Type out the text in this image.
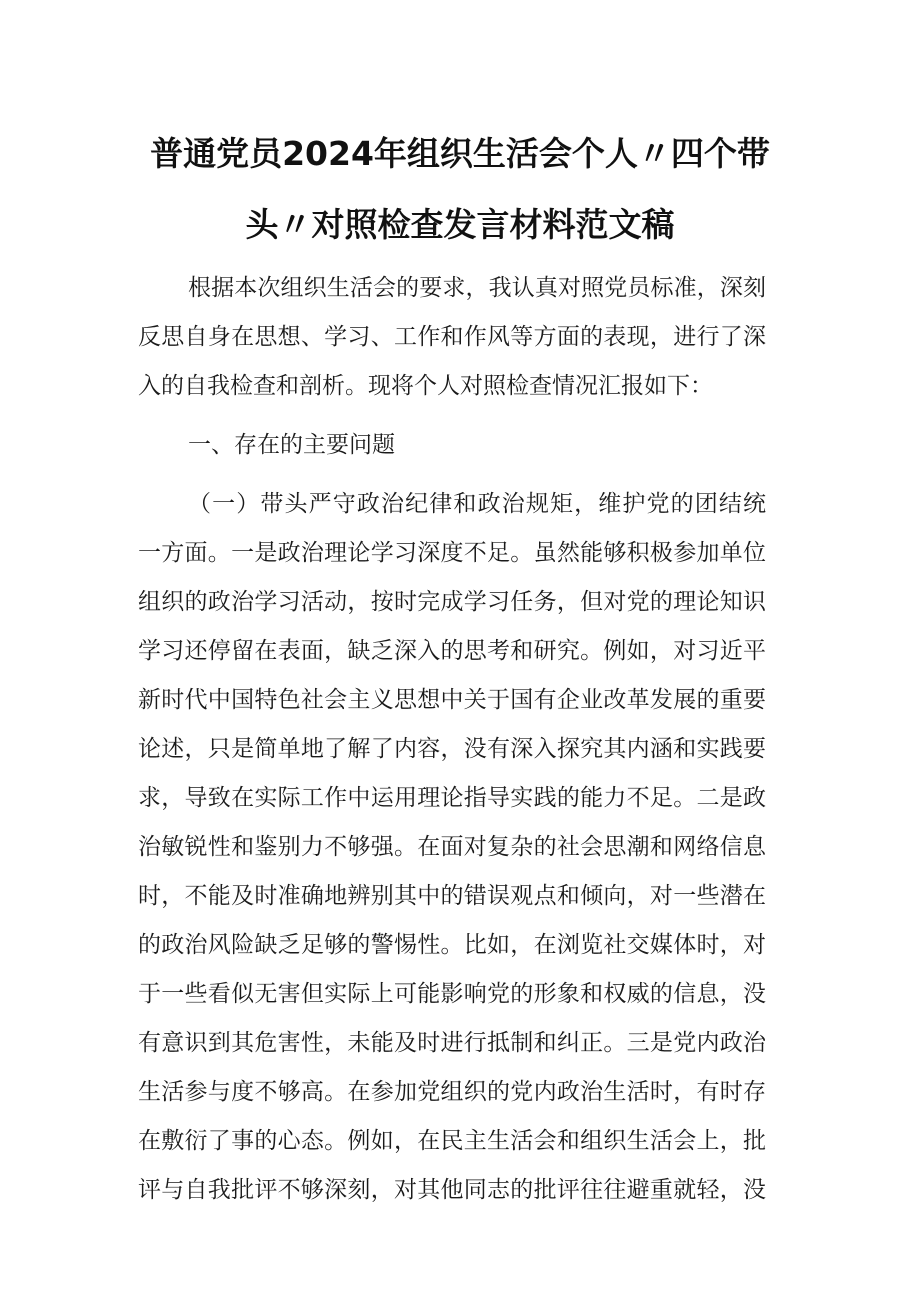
普通党员2024年组织生活会个人〃四个带
头〃对照检查发言材料范文稿
根据本次组织生活会的要求，我认真对照党员标准，深刻
反思自身在思想、学习、工作和作风等方面的表现，进行了深
入的自我检查和剖析。现将个人对照检查情况汇报如下：
一、存在的主要问题
（一）带头严守政治纪律和政治规矩，维护党的团结统
一方面。一是政治理论学习深度不足。虽然能够积极参加单位
组织的政治学习活动，按时完成学习任务，但对党的理论知识
学习还停留在表面，缺乏深入的思考和研究。例如，对习近平
新时代中国特色社会主义思想中关于国有企业改革发展的重要
论述，只是简单地了解了内容，没有深入探究其内涵和实践要
求，导致在实际工作中运用理论指导实践的能力不足。二是政
治敏锐性和鉴别力不够强。在面对复杂的社会思潮和网络信息
时，不能及时准确地辨别其中的错误观点和倾向，对一些潜在
的政治风险缺乏足够的警惕性。比如，在浏览社交媒体时，对
于一些看似无害但实际上可能影响党的形象和权威的信息，没
有意识到其危害性，未能及时进行抵制和纠正。三是党内政治
生活参与度不够高。在参加党组织的党内政治生活时，有时存
在敷衍了事的心态。例如，在民主生活会和组织生活会上，批
评与自我批评不够深刻，对其他同志的批评往往避重就轻，没
